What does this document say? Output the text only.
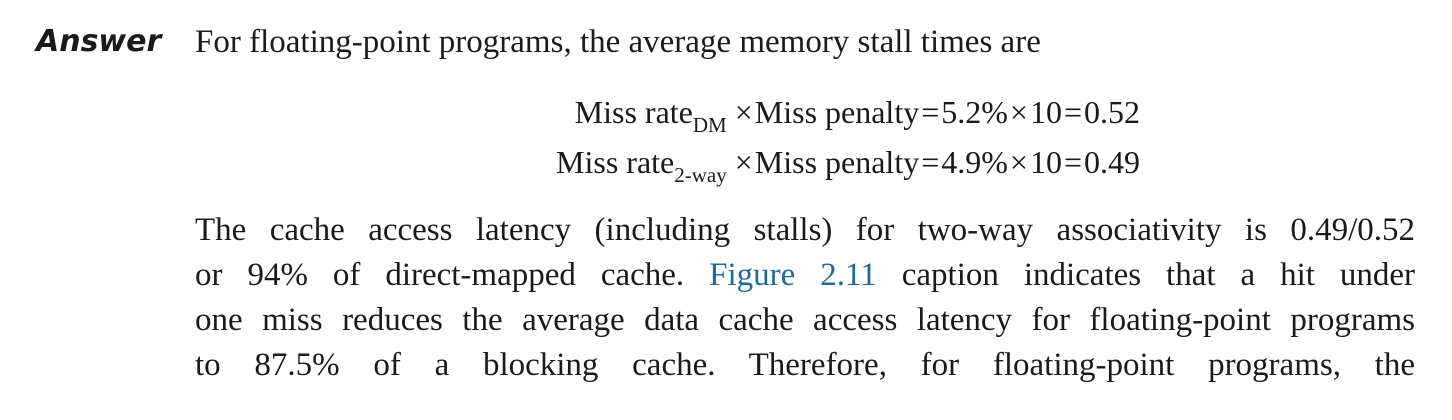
Answer For floating-point programs, the average memory stall times are
Miss rate$_{DM}$ ×Miss penalty=5.2%×10=0.52
Miss rate$_{2-way}$ ×Miss penalty=4.9%×10=0.49
The cache access latency (including stalls) for two-way associativity is 0.49/0.52
or 94% of direct-mapped cache. Figure 2.11 caption indicates that a hit under
one miss reduces the average data cache access latency for floating-point programs
to 87.5% of a blocking cache. Therefore, for floating-point programs, the
